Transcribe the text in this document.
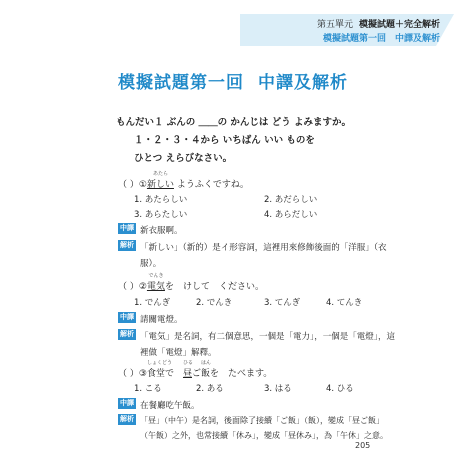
第五單元 模擬試題＋完全解析
模擬試題第一回　中譯及解析
模擬試題第一回 中譯及解析
もんだい１ ぶんの ＿＿の かんじは どう よみますか。
１・２・３・４から いちばん いい ものを
ひとつ えらびなさい。
（ ）①
あたら
新しい ようふくですね。
1. あたらしい	2. あだらしい
3. あらたしい	4. あらだしい
中譯 新衣服啊。
解析 「新しい」（新的）是イ形容詞，這裡用來修飾後面的「洋服」（衣
服）。
（ ）②
でんき
電気を　けして　ください。
1. でんぎ	2. でんき	3. てんぎ	4. てんき
中譯 請關電燈。
解析 「電気」是名詞，有二個意思，一個是「電力」，一個是「電燈」，這
裡做「電燈」解釋。
（ ）③
しょくどう
食堂で　
ひる
昼ご
はん
飯を　たべます。
1. こる	2. ある	3. はる	4. ひる
中譯 在餐廳吃午飯。
解析 「昼」（中午）是名詞，後面除了接續「ご飯」（飯），變成「昼ご飯」
（午飯）之外，也常接續「休み」，變成「昼休み」，為「午休」之意。
205
